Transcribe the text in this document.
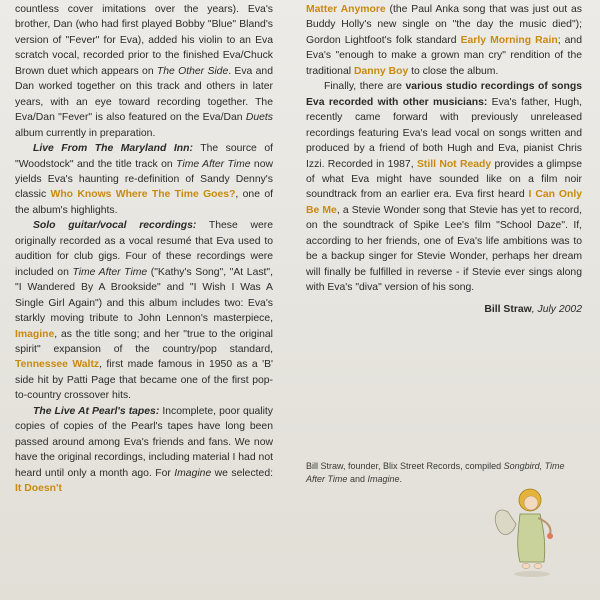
countless cover imitations over the years). Eva's brother, Dan (who had first played Bobby "Blue" Bland's version of "Fever" for Eva), added his violin to an Eva scratch vocal, recorded prior to the finished Eva/Chuck Brown duet which appears on The Other Side. Eva and Dan worked together on this track and others in later years, with an eye toward recording together. The Eva/Dan "Fever" is also featured on the Eva/Dan Duets album currently in preparation.

Live From The Maryland Inn: The source of "Woodstock" and the title track on Time After Time now yields Eva's haunting re-definition of Sandy Denny's classic Who Knows Where The Time Goes?, one of the album's highlights.

Solo guitar/vocal recordings: These were originally recorded as a vocal resumé that Eva used to audition for club gigs. Four of these recordings were included on Time After Time ("Kathy's Song", "At Last", "I Wandered By A Brookside" and "I Wish I Was A Single Girl Again") and this album includes two: Eva's starkly moving tribute to John Lennon's masterpiece, Imagine, as the title song; and her "true to the original spirit" expansion of the country/pop standard, Tennessee Waltz, first made famous in 1950 as a 'B' side hit by Patti Page that became one of the first pop-to-country crossover hits.

The Live At Pearl's tapes: Incomplete, poor quality copies of copies of the Pearl's tapes have long been passed around among Eva's friends and fans. We now have the original recordings, including material I had not heard until only a month ago. For Imagine we selected: It Doesn't

Matter Anymore (the Paul Anka song that was just out as Buddy Holly's new single on "the day the music died"); Gordon Lightfoot's folk standard Early Morning Rain; and Eva's "enough to make a grown man cry" rendition of the traditional Danny Boy to close the album.

Finally, there are various studio recordings of songs Eva recorded with other musicians: Eva's father, Hugh, recently came forward with previously unreleased recordings featuring Eva's lead vocal on songs written and produced by a friend of both Hugh and Eva, pianist Chris Izzi. Recorded in 1987, Still Not Ready provides a glimpse of what Eva might have sounded like on a film noir soundtrack from an earlier era. Eva first heard I Can Only Be Me, a Stevie Wonder song that Stevie has yet to record, on the soundtrack of Spike Lee's film "School Daze". If, according to her friends, one of Eva's life ambitions was to be a backup singer for Stevie Wonder, perhaps her dream will finally be fulfilled in reverse - if Stevie ever sings along with Eva's "diva" version of his song.

Bill Straw, July 2002

Bill Straw, founder, Blix Street Records, compiled Songbird, Time After Time and Imagine.
